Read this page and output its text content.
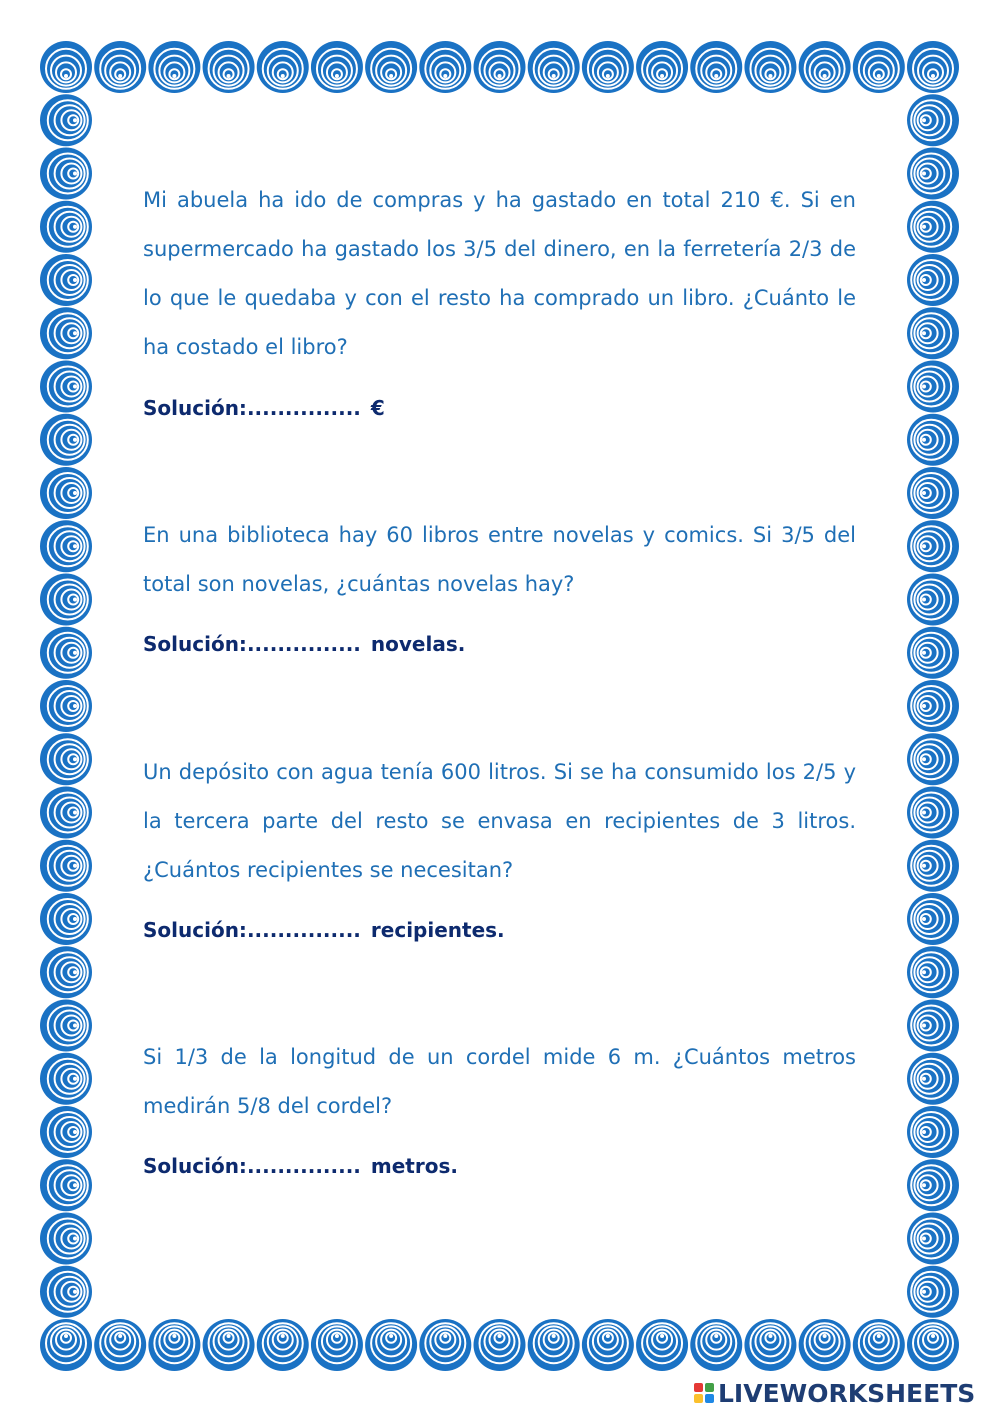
Mi abuela ha ido de compras y ha gastado en total 210 €. Si en supermercado ha gastado los 3/5 del dinero, en la ferretería 2/3 de lo que le quedaba y con el resto ha comprado un libro. ¿Cuánto le ha costado el libro?

Solución:............... €

En una biblioteca hay 60 libros entre novelas y comics. Si 3/5 del total son novelas, ¿cuántas novelas hay?

Solución:............... novelas.

Un depósito con agua tenía 600 litros. Si se ha consumido los 2/5 y la tercera parte del resto se envasa en recipientes de 3 litros. ¿Cuántos recipientes se necesitan?

Solución:............... recipientes.

Si 1/3 de la longitud de un cordel mide 6 m. ¿Cuántos metros medirán 5/8 del cordel?

Solución:............... metros.
LIVEWORKSHEETS
